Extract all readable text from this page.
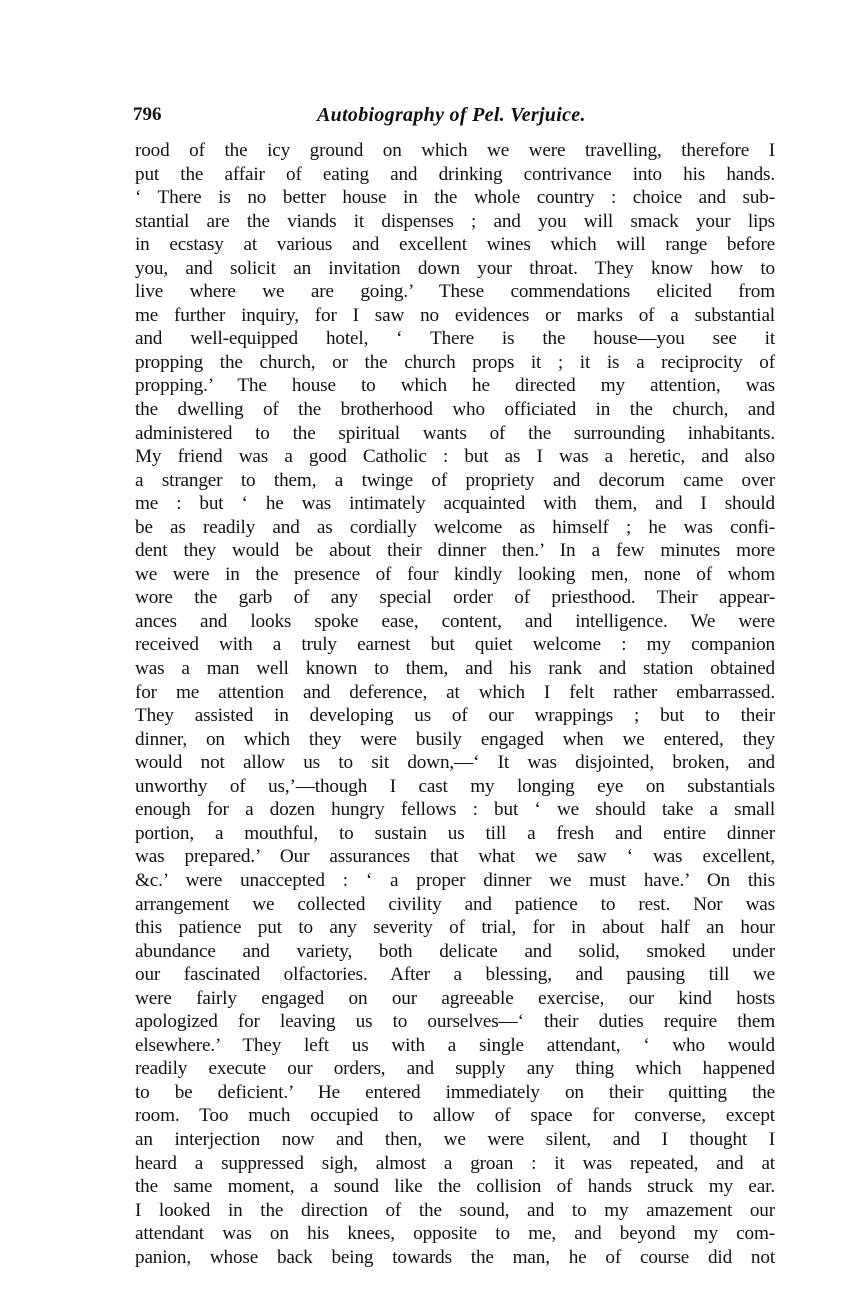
796	Autobiography of Pel. Verjuice.
rood of the icy ground on which we were travelling, therefore I
put the affair of eating and drinking contrivance into his hands.
‘ There is no better house in the whole country : choice and sub-
stantial are the viands it dispenses ; and you will smack your lips
in ecstasy at various and excellent wines which will range before
you, and solicit an invitation down your throat. They know how to
live where we are going.’ These commendations elicited from
me further inquiry, for I saw no evidences or marks of a substantial
and well-equipped hotel, ‘ There is the house—you see it
propping the church, or the church props it ; it is a reciprocity of
propping.’ The house to which he directed my attention, was
the dwelling of the brotherhood who officiated in the church, and
administered to the spiritual wants of the surrounding inhabitants.
My friend was a good Catholic : but as I was a heretic, and also
a stranger to them, a twinge of propriety and decorum came over
me : but ‘ he was intimately acquainted with them, and I should
be as readily and as cordially welcome as himself ; he was confi-
dent they would be about their dinner then.’ In a few minutes more
we were in the presence of four kindly looking men, none of whom
wore the garb of any special order of priesthood. Their appear-
ances and looks spoke ease, content, and intelligence. We were
received with a truly earnest but quiet welcome : my companion
was a man well known to them, and his rank and station obtained
for me attention and deference, at which I felt rather embarrassed.
They assisted in developing us of our wrappings ; but to their
dinner, on which they were busily engaged when we entered, they
would not allow us to sit down,—‘ It was disjointed, broken, and
unworthy of us,’—though I cast my longing eye on substantials
enough for a dozen hungry fellows : but ‘ we should take a small
portion, a mouthful, to sustain us till a fresh and entire dinner
was prepared.’ Our assurances that what we saw ‘ was excellent,
&c.’ were unaccepted : ‘ a proper dinner we must have.’ On this
arrangement we collected civility and patience to rest. Nor was
this patience put to any severity of trial, for in about half an hour
abundance and variety, both delicate and solid, smoked under
our fascinated olfactories. After a blessing, and pausing till we
were fairly engaged on our agreeable exercise, our kind hosts
apologized for leaving us to ourselves—‘ their duties require them
elsewhere.’ They left us with a single attendant, ‘ who would
readily execute our orders, and supply any thing which happened
to be deficient.’ He entered immediately on their quitting the
room. Too much occupied to allow of space for converse, except
an interjection now and then, we were silent, and I thought I
heard a suppressed sigh, almost a groan : it was repeated, and at
the same moment, a sound like the collision of hands struck my ear.
I looked in the direction of the sound, and to my amazement our
attendant was on his knees, opposite to me, and beyond my com-
panion, whose back being towards the man, he of course did not
